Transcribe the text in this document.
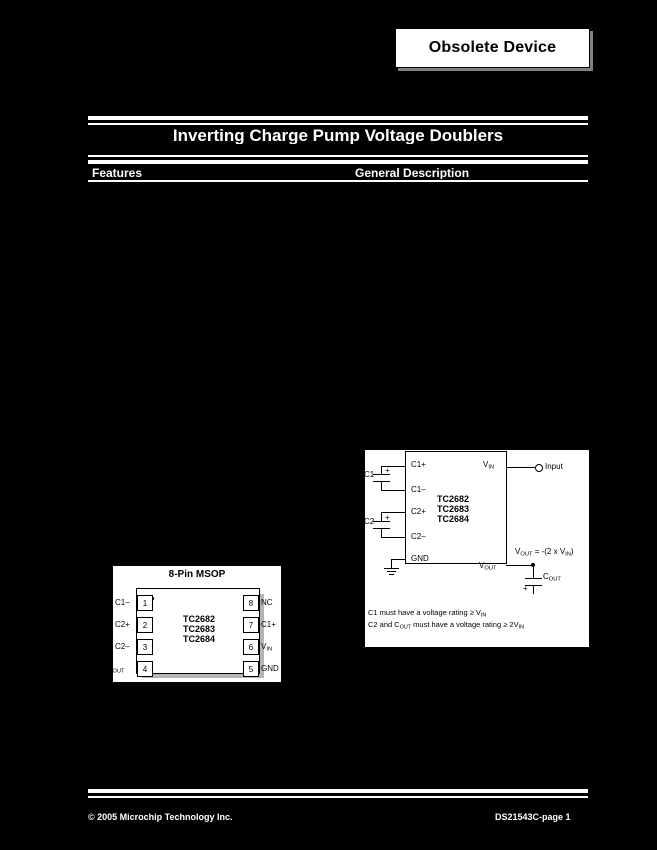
Obsolete Device
Inverting Charge Pump Voltage Doublers
Features	General Description
TC2682
TC2683
TC2684
C1+
C1–
C2+
C2–
GND
$V_{IN}$
$V_{OUT}$
+
C1
+
C2
Input
+
$C_{OUT}$
$V_{OUT} = -(2$ x $V_{IN}$)
C1 must have a voltage rating ≥ $V_{IN}$
C2 and $C_{OUT}$ must have a voltage rating ≥ $2V_{IN}$
8-Pin MSOP
TC2682
TC2683
TC2684
1
C1–
2
C2+
3
C2–
4
$V_{OUT}$
8 NC
7 C1+
6 $V_{IN}$
5 GND
© 2005 Microchip Technology Inc.	DS21543C-page 1
